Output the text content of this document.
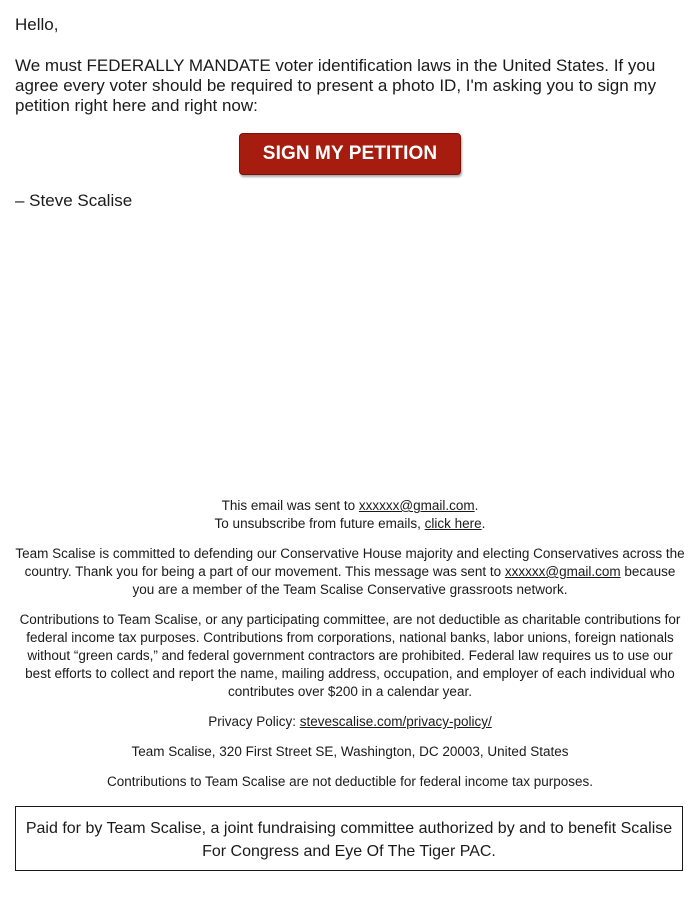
Hello,

We must FEDERALLY MANDATE voter identification laws in the United States. If you agree every voter should be required to present a photo ID, I'm asking you to sign my petition right here and right now:

SIGN MY PETITION
– Steve Scalise

This email was sent to xxxxxx@gmail.com.

To unsubscribe from future emails, click here.

Team Scalise is committed to defending our Conservative House majority and electing Conservatives across the country. Thank you for being a part of our movement. This message was sent to xxxxxx@gmail.com because you are a member of the Team Scalise Conservative grassroots network.

Contributions to Team Scalise, or any participating committee, are not deductible as charitable contributions for federal income tax purposes. Contributions from corporations, national banks, labor unions, foreign nationals without “green cards,” and federal government contractors are prohibited. Federal law requires us to use our best efforts to collect and report the name, mailing address, occupation, and employer of each individual who contributes over $200 in a calendar year.

Privacy Policy: stevescalise.com/privacy-policy/

Team Scalise, 320 First Street SE, Washington, DC 20003, United States

Contributions to Team Scalise are not deductible for federal income tax purposes.

Paid for by Team Scalise, a joint fundraising committee authorized by and to benefit Scalise For Congress and Eye Of The Tiger PAC.
